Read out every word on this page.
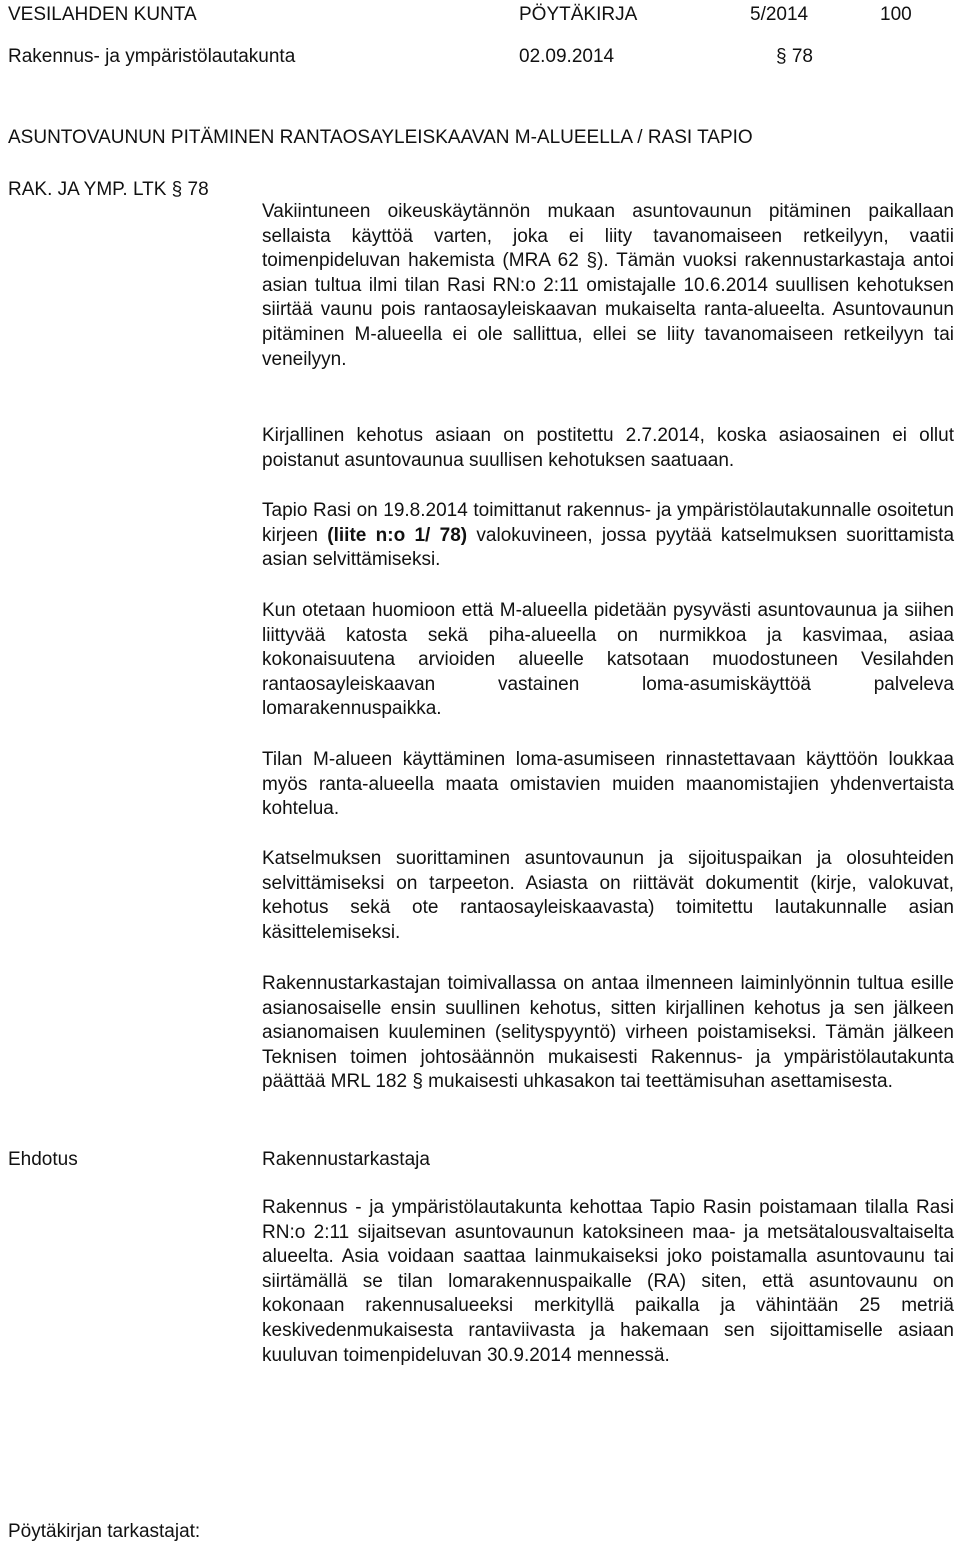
VESILAHDEN KUNTA	PÖYTÄKIRJA	5/2014	100
Rakennus- ja ympäristölautakunta	02.09.2014	§ 78
ASUNTOVAUNUN PITÄMINEN RANTAOSAYLEISKAAVAN M-ALUEELLA / RASI TAPIO
RAK. JA YMP. LTK § 78
Ehdotus
Pöytäkirjan tarkastajat:

Vakiintuneen oikeuskäytännön mukaan asuntovaunun pitäminen paikallaan sellaista käyttöä varten, joka ei liity tavanomaiseen retkeilyyn, vaatii toimenpideluvan hakemista (MRA 62 §). Tämän vuoksi rakennustarkastaja antoi asian tultua ilmi tilan Rasi RN:o 2:11 omistajalle 10.6.2014 suullisen kehotuksen siirtää vaunu pois rantaosayleiskaavan mukaiselta ranta-alueelta. Asuntovaunun pitäminen M-alueella ei ole sallittua, ellei se liity tavanomaiseen retkeilyyn tai veneilyyn.

Kirjallinen kehotus asiaan on postitettu 2.7.2014, koska asiaosainen ei ollut poistanut asuntovaunua suullisen kehotuksen saatuaan.

Tapio Rasi on 19.8.2014 toimittanut rakennus- ja ympäristölautakunnalle osoitetun kirjeen (liite n:o 1/ 78) valokuvineen, jossa pyytää katselmuksen suorittamista asian selvittämiseksi.

Kun otetaan huomioon että M-alueella pidetään pysyvästi asuntovaunua ja siihen liittyvää katosta sekä piha-alueella on nurmikkoa ja kasvimaa, asiaa kokonaisuutena arvioiden alueelle katsotaan muodostuneen Vesilahden rantaosayleiskaavan vastainen loma-asumiskäyttöä palveleva lomarakennuspaikka.

Tilan M-alueen käyttäminen loma-asumiseen rinnastettavaan käyttöön loukkaa myös ranta-alueella maata omistavien muiden maanomistajien yhdenvertaista kohtelua.

Katselmuksen suorittaminen asuntovaunun ja sijoituspaikan ja olosuhteiden selvittämiseksi on tarpeeton. Asiasta on riittävät dokumentit (kirje, valokuvat, kehotus sekä ote rantaosayleiskaavasta) toimitettu lautakunnalle asian käsittelemiseksi.

Rakennustarkastajan toimivallassa on antaa ilmenneen laiminlyönnin tultua esille asianosaiselle ensin suullinen kehotus, sitten kirjallinen kehotus ja sen jälkeen asianomaisen kuuleminen (selityspyyntö) virheen poistamiseksi. Tämän jälkeen Teknisen toimen johtosäännön mukaisesti Rakennus- ja ympäristölautakunta päättää MRL 182 § mukaisesti uhkasakon tai teettämisuhan asettamisesta.

Rakennustarkastaja

Rakennus - ja ympäristölautakunta kehottaa Tapio Rasin poistamaan tilalla Rasi RN:o 2:11 sijaitsevan asuntovaunun katoksineen maa- ja metsätalousvaltaiselta alueelta. Asia voidaan saattaa lainmukaiseksi joko poistamalla asuntovaunu tai siirtämällä se tilan lomarakennuspaikalle (RA) siten, että asuntovaunu on kokonaan rakennusalueeksi merkityllä paikalla ja vähintään 25 metriä keskivedenmukaisesta rantaviivasta ja hakemaan sen sijoittamiselle asiaan kuuluvan toimenpideluvan 30.9.2014 mennessä.
